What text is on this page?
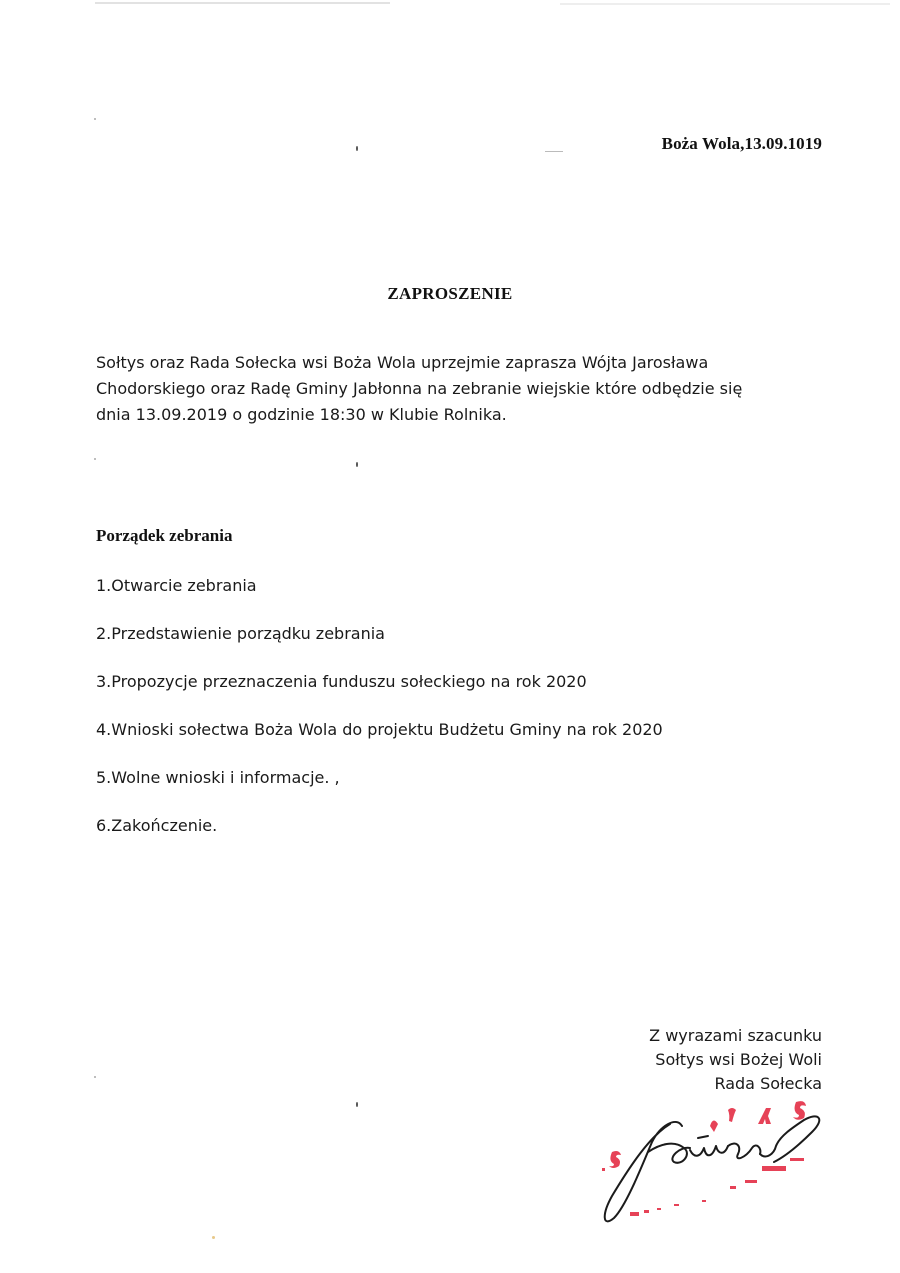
Boża Wola,13.09.1019
ZAPROSZENIE

Sołtys oraz Rada Sołecka wsi Boża Wola uprzejmie zaprasza Wójta Jarosława

Chodorskiego oraz Radę Gminy Jabłonna na zebranie wiejskie które odbędzie się

dnia 13.09.2019 o godzinie 18:30 w Klubie Rolnika.

Porządek zebrania
1.Otwarcie zebrania
2.Przedstawienie porządku zebrania
3.Propozycje przeznaczenia funduszu sołeckiego na rok 2020
4.Wnioski sołectwa Boża Wola do projektu Budżetu Gminy na rok 2020
5.Wolne wnioski i informacje. ,
6.Zakończenie.
Z wyrazami szacunku
Sołtys wsi Bożej Woli
Rada Sołecka
